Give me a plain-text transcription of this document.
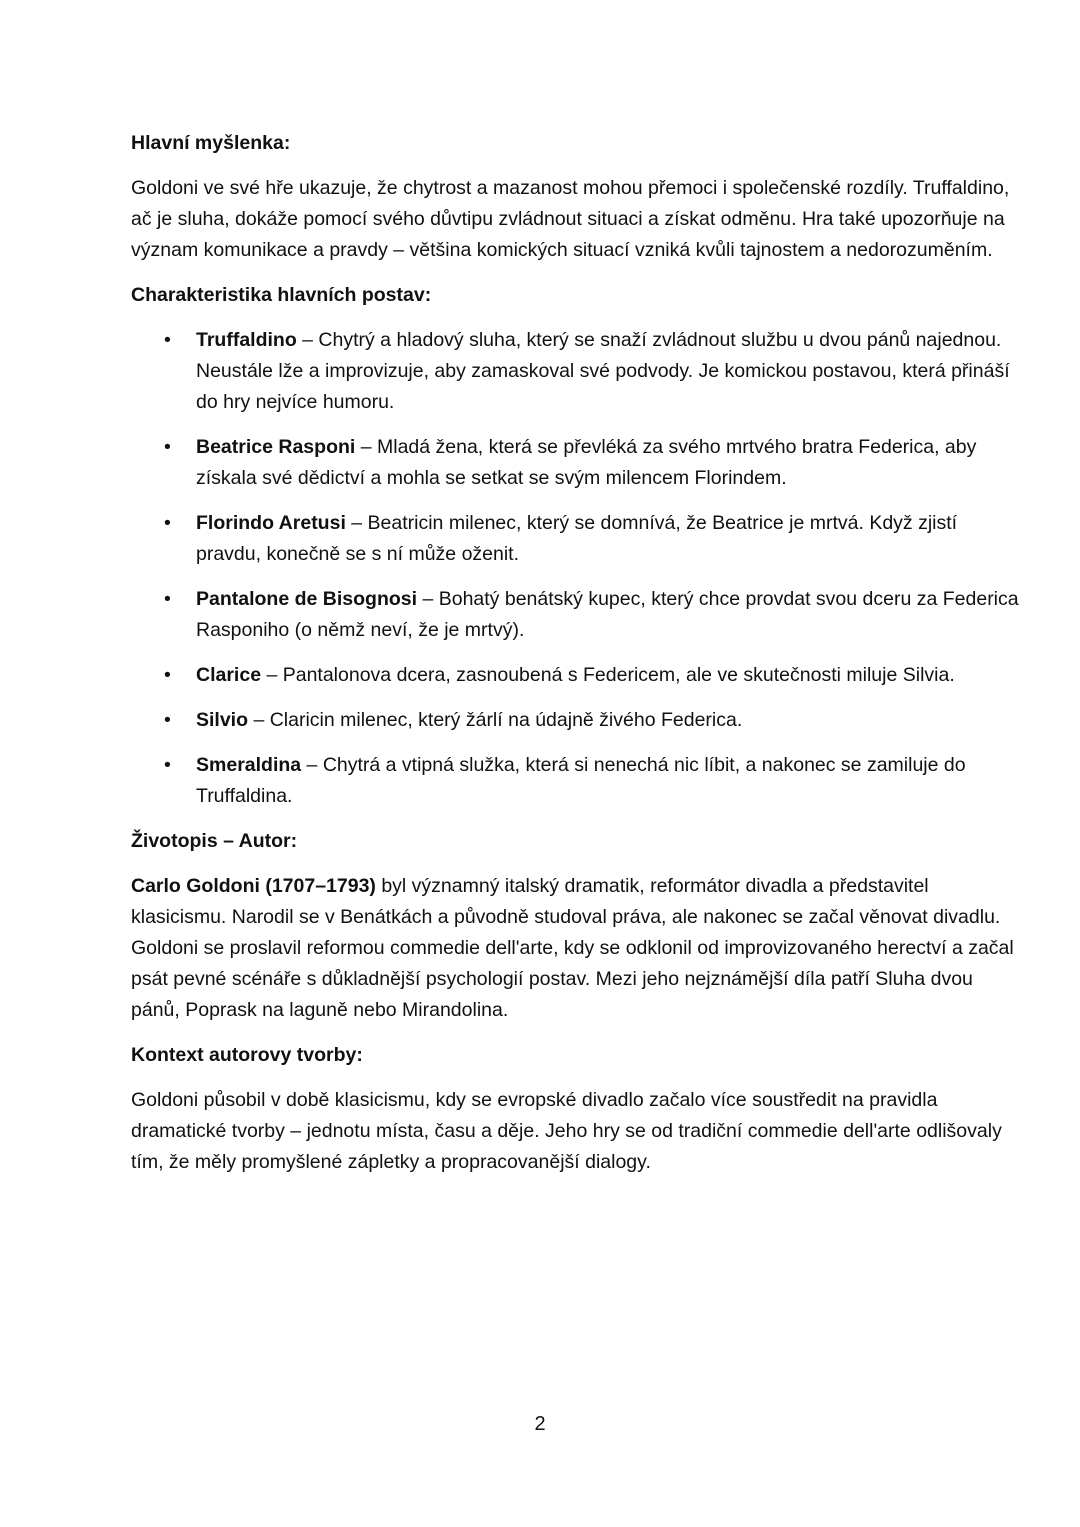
Hlavní myšlenka:
Goldoni ve své hře ukazuje, že chytrost a mazanost mohou přemoci i společenské rozdíly. Truffaldino, ač je sluha, dokáže pomocí svého důvtipu zvládnout situaci a získat odměnu. Hra také upozorňuje na význam komunikace a pravdy – většina komických situací vzniká kvůli tajnostem a nedorozuměním.
Charakteristika hlavních postav:
• Truffaldino – Chytrý a hladový sluha, který se snaží zvládnout službu u dvou pánů najednou. Neustále lže a improvizuje, aby zamaskoval své podvody. Je komickou postavou, která přináší do hry nejvíce humoru.
• Beatrice Rasponi – Mladá žena, která se převléká za svého mrtvého bratra Federica, aby získala své dědictví a mohla se setkat se svým milencem Florindem.
• Florindo Aretusi – Beatricin milenec, který se domnívá, že Beatrice je mrtvá. Když zjistí pravdu, konečně se s ní může oženit.
• Pantalone de Bisognosi – Bohatý benátský kupec, který chce provdat svou dceru za Federica Rasponiho (o němž neví, že je mrtvý).
• Clarice – Pantalonova dcera, zasnoubená s Federicem, ale ve skutečnosti miluje Silvia.
• Silvio – Claricin milenec, který žárlí na údajně živého Federica.
• Smeraldina – Chytrá a vtipná služka, která si nenechá nic líbit, a nakonec se zamiluje do Truffaldina.
Životopis – Autor:
Carlo Goldoni (1707–1793) byl významný italský dramatik, reformátor divadla a představitel klasicismu. Narodil se v Benátkách a původně studoval práva, ale nakonec se začal věnovat divadlu. Goldoni se proslavil reformou commedie dell'arte, kdy se odklonil od improvizovaného herectví a začal psát pevné scénáře s důkladnější psychologií postav. Mezi jeho nejznámější díla patří Sluha dvou pánů, Poprask na laguně nebo Mirandolina.
Kontext autorovy tvorby:
Goldoni působil v době klasicismu, kdy se evropské divadlo začalo více soustředit na pravidla dramatické tvorby – jednotu místa, času a děje. Jeho hry se od tradiční commedie dell'arte odlišovaly tím, že měly promyšlené zápletky a propracovanější dialogy.
2
